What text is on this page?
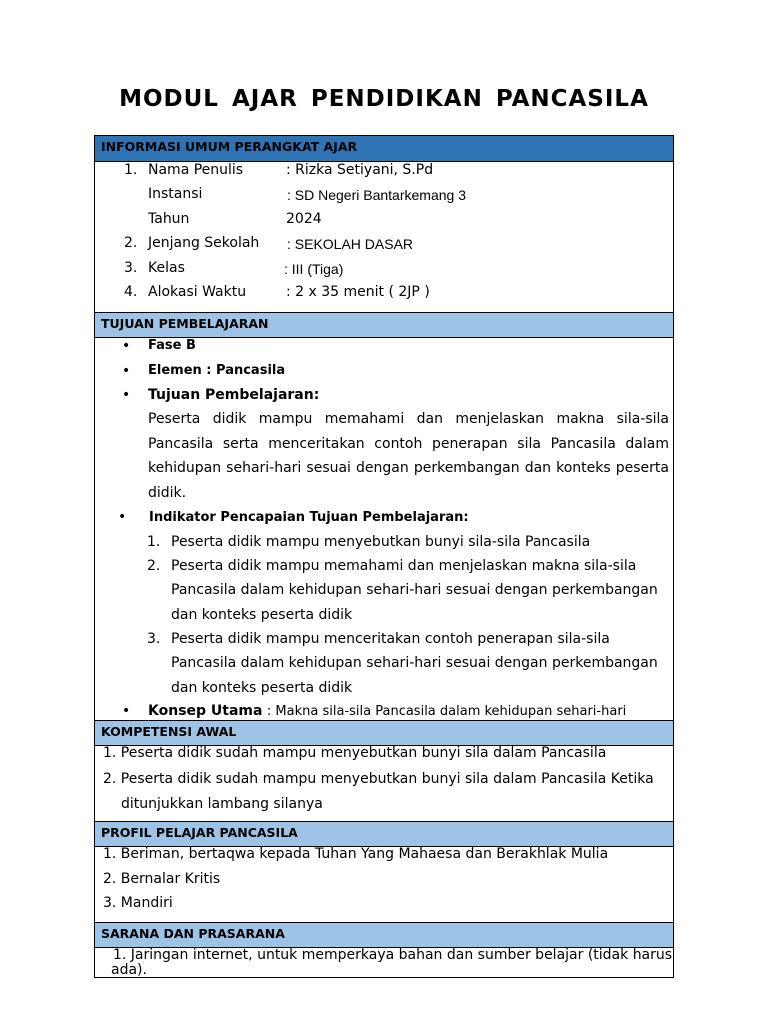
MODUL AJAR PENDIDIKAN PANCASILA
INFORMASI UMUM PERANGKAT AJAR
1. Nama Penulis	: Rizka Setiyani, S.Pd
Instansi	: SD Negeri Bantarkemang 3
Tahun	2024
2. Jenjang Sekolah : SEKOLAH DASAR
3. Kelas	: III (Tiga)
4. Alokasi Waktu	: 2 x 35 menit ( 2JP )
TUJUAN PEMBELAJARAN
• Fase B
• Elemen : Pancasila
• Tujuan Pembelajaran:
Peserta didik mampu memahami dan menjelaskan makna sila-sila Pancasila serta menceritakan contoh penerapan sila Pancasila dalam kehidupan sehari-hari sesuai dengan perkembangan dan konteks peserta didik.
• Indikator Pencapaian Tujuan Pembelajaran:
1. Peserta didik mampu menyebutkan bunyi sila-sila Pancasila
2. Peserta didik mampu memahami dan menjelaskan makna sila-sila
Pancasila dalam kehidupan sehari-hari sesuai dengan perkembangan
dan konteks peserta didik
3. Peserta didik mampu menceritakan contoh penerapan sila-sila
Pancasila dalam kehidupan sehari-hari sesuai dengan perkembangan
dan konteks peserta didik
• Konsep Utama : Makna sila-sila Pancasila dalam kehidupan sehari-hari
KOMPETENSI AWAL
1. Peserta didik sudah mampu menyebutkan bunyi sila dalam Pancasila
2. Peserta didik sudah mampu menyebutkan bunyi sila dalam Pancasila Ketika
ditunjukkan lambang silanya
PROFIL PELAJAR PANCASILA
1. Beriman, bertaqwa kepada Tuhan Yang Mahaesa dan Berakhlak Mulia
2. Bernalar Kritis
3. Mandiri
SARANA DAN PRASARANA
1. Jaringan internet, untuk memperkaya bahan dan sumber belajar (tidak harus
ada).
